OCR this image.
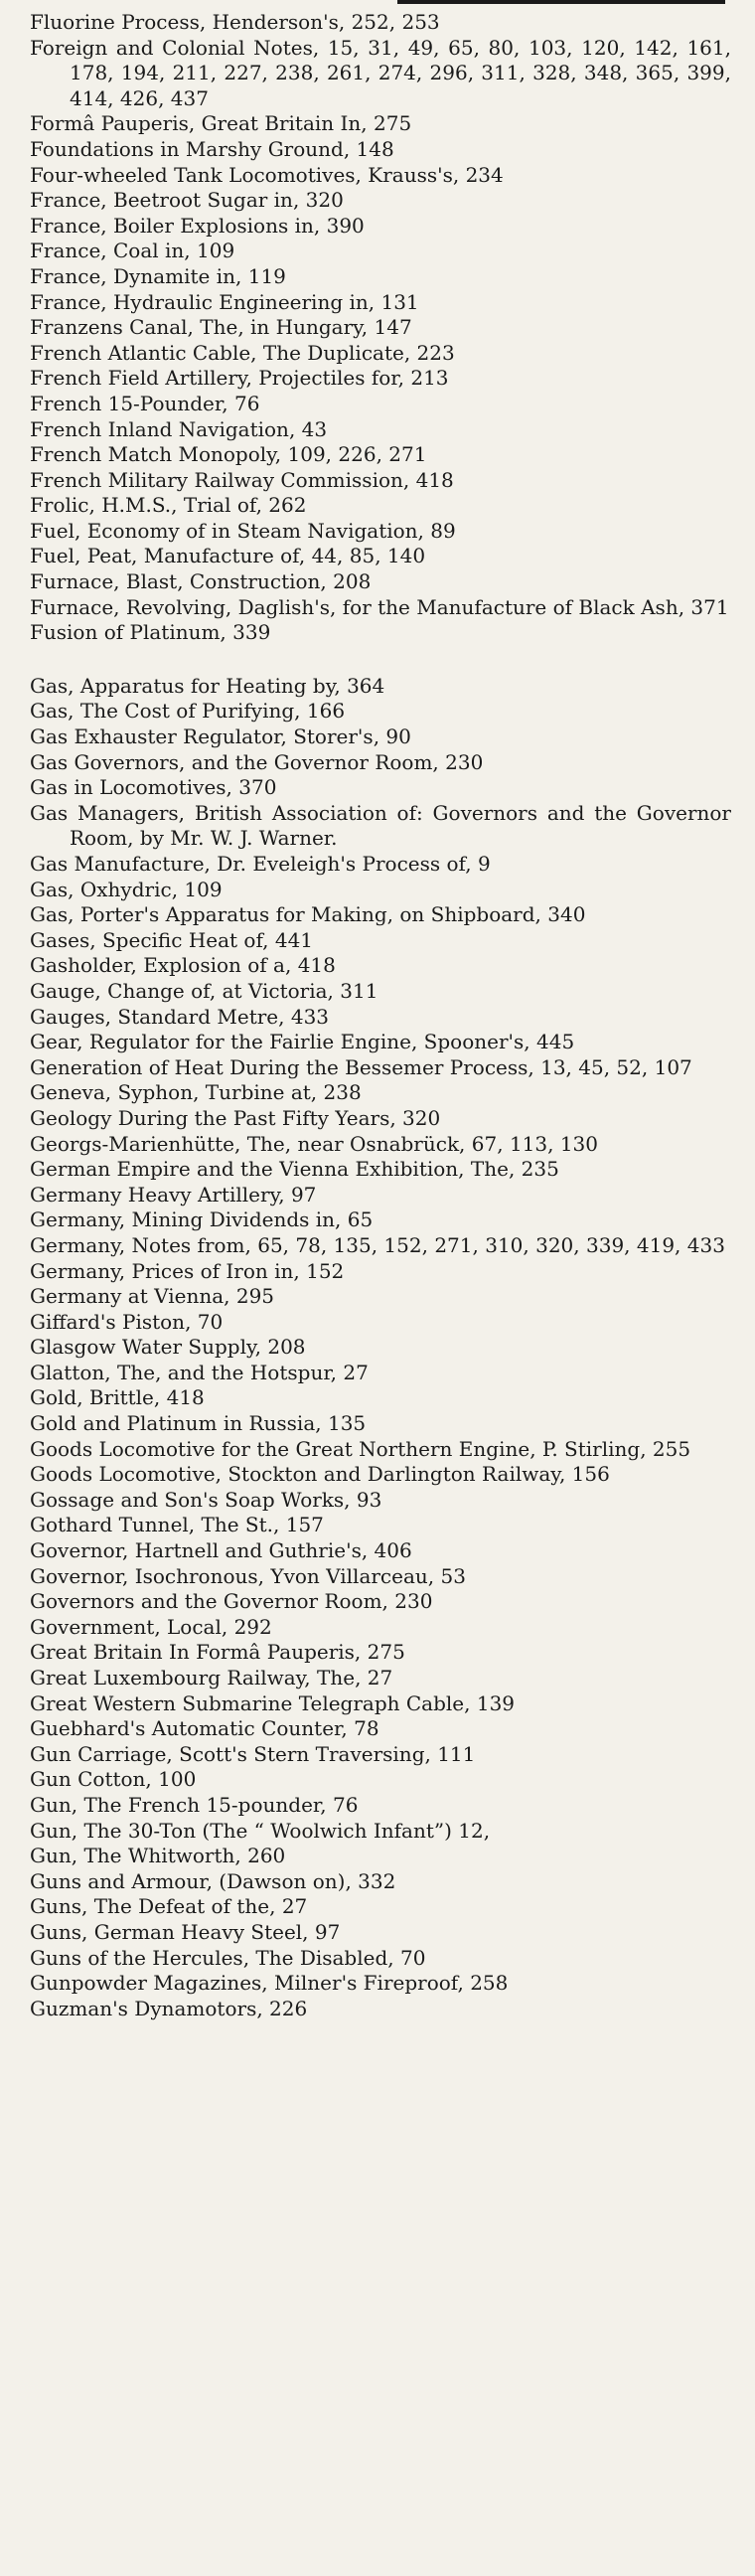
Fluorine Process, Henderson's, 252, 253
Foreign and Colonial Notes, 15, 31, 49, 65, 80, 103, 120, 142, 161, 178, 194, 211, 227, 238, 261, 274, 296, 311, 328, 348, 365, 399, 414, 426, 437
Formâ Pauperis, Great Britain In, 275
Foundations in Marshy Ground, 148
Four-wheeled Tank Locomotives, Krauss's, 234
France, Beetroot Sugar in, 320
France, Boiler Explosions in, 390
France, Coal in, 109
France, Dynamite in, 119
France, Hydraulic Engineering in, 131
Franzens Canal, The, in Hungary, 147
French Atlantic Cable, The Duplicate, 223
French Field Artillery, Projectiles for, 213
French 15-Pounder, 76
French Inland Navigation, 43
French Match Monopoly, 109, 226, 271
French Military Railway Commission, 418
Frolic, H.M.S., Trial of, 262
Fuel, Economy of in Steam Navigation, 89
Fuel, Peat, Manufacture of, 44, 85, 140
Furnace, Blast, Construction, 208
Furnace, Revolving, Daglish's, for the Manufacture of Black Ash, 371
Fusion of Platinum, 339
Gas, Apparatus for Heating by, 364
Gas, The Cost of Purifying, 166
Gas Exhauster Regulator, Storer's, 90
Gas Governors, and the Governor Room, 230
Gas in Locomotives, 370
Gas Managers, British Association of: Governors and the Governor Room, by Mr. W. J. Warner.
Gas Manufacture, Dr. Eveleigh's Process of, 9
Gas, Oxhydric, 109
Gas, Porter's Apparatus for Making, on Shipboard, 340
Gases, Specific Heat of, 441
Gasholder, Explosion of a, 418
Gauge, Change of, at Victoria, 311
Gauges, Standard Metre, 433
Gear, Regulator for the Fairlie Engine, Spooner's, 445
Generation of Heat During the Bessemer Process, 13, 45, 52, 107
Geneva, Syphon, Turbine at, 238
Geology During the Past Fifty Years, 320
Georgs-Marienhütte, The, near Osnabrück, 67, 113, 130
German Empire and the Vienna Exhibition, The, 235
Germany Heavy Artillery, 97
Germany, Mining Dividends in, 65
Germany, Notes from, 65, 78, 135, 152, 271, 310, 320, 339, 419, 433
Germany, Prices of Iron in, 152
Germany at Vienna, 295
Giffard's Piston, 70
Glasgow Water Supply, 208
Glatton, The, and the Hotspur, 27
Gold, Brittle, 418
Gold and Platinum in Russia, 135
Goods Locomotive for the Great Northern Engine, P. Stirling, 255
Goods Locomotive, Stockton and Darlington Railway, 156
Gossage and Son's Soap Works, 93
Gothard Tunnel, The St., 157
Governor, Hartnell and Guthrie's, 406
Governor, Isochronous, Yvon Villarceau, 53
Governors and the Governor Room, 230
Government, Local, 292
Great Britain In Formâ Pauperis, 275
Great Luxembourg Railway, The, 27
Great Western Submarine Telegraph Cable, 139
Guebhard's Automatic Counter, 78
Gun Carriage, Scott's Stern Traversing, 111
Gun Cotton, 100
Gun, The French 15-pounder, 76
Gun, The 30-Ton (The “ Woolwich Infant”) 12,
Gun, The Whitworth, 260
Guns and Armour, (Dawson on), 332
Guns, The Defeat of the, 27
Guns, German Heavy Steel, 97
Guns of the Hercules, The Disabled, 70
Gunpowder Magazines, Milner's Fireproof, 258
Guzman's Dynamotors, 226
